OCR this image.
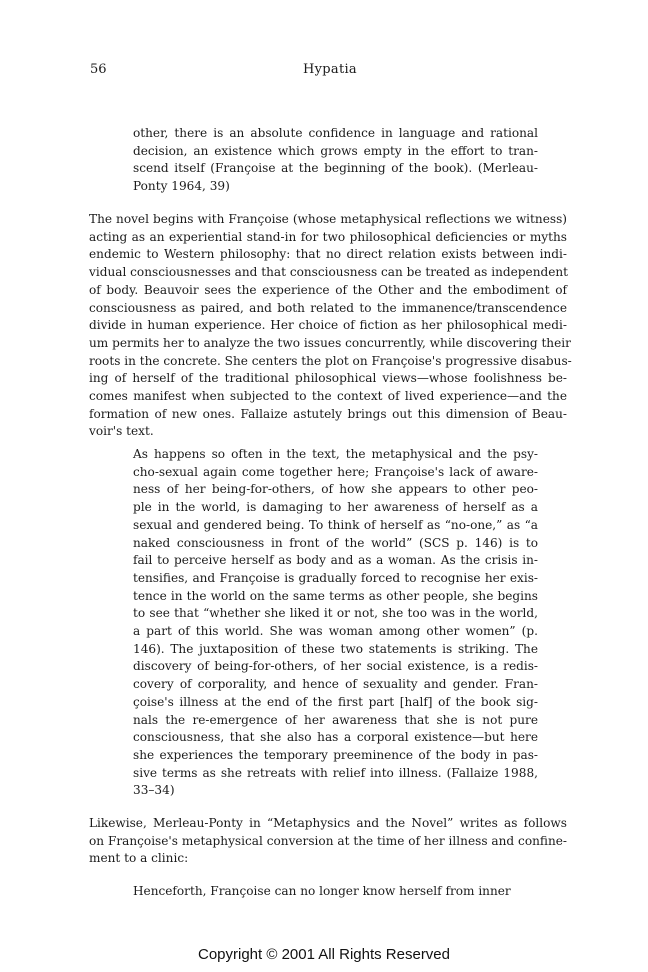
56	Hypatia
other, there is an absolute confidence in language and rational
decision, an existence which grows empty in the effort to tran-
scend itself (Françoise at the beginning of the book). (Merleau-
Ponty 1964, 39)
The novel begins with Françoise (whose metaphysical reflections we witness)
acting as an experiential stand-in for two philosophical deficiencies or myths
endemic to Western philosophy: that no direct relation exists between indi-
vidual consciousnesses and that consciousness can be treated as independent
of body. Beauvoir sees the experience of the Other and the embodiment of
consciousness as paired, and both related to the immanence/transcendence
divide in human experience. Her choice of fiction as her philosophical medi-
um permits her to analyze the two issues concurrently, while discovering their
roots in the concrete. She centers the plot on Françoise's progressive disabus-
ing of herself of the traditional philosophical views—whose foolishness be-
comes manifest when subjected to the context of lived experience—and the
formation of new ones. Fallaize astutely brings out this dimension of Beau-
voir's text.
As happens so often in the text, the metaphysical and the psy-
cho-sexual again come together here; Françoise's lack of aware-
ness of her being-for-others, of how she appears to other peo-
ple in the world, is damaging to her awareness of herself as a
sexual and gendered being. To think of herself as “no-one,” as “a
naked consciousness in front of the world” (SCS p. 146) is to
fail to perceive herself as body and as a woman. As the crisis in-
tensifies, and Françoise is gradually forced to recognise her exis-
tence in the world on the same terms as other people, she begins
to see that “whether she liked it or not, she too was in the world,
a part of this world. She was woman among other women” (p.
146). The juxtaposition of these two statements is striking. The
discovery of being-for-others, of her social existence, is a redis-
covery of corporality, and hence of sexuality and gender. Fran-
çoise's illness at the end of the first part [half] of the book sig-
nals the re-emergence of her awareness that she is not pure
consciousness, that she also has a corporal existence—but here
she experiences the temporary preeminence of the body in pas-
sive terms as she retreats with relief into illness. (Fallaize 1988,
33–34)
Likewise, Merleau-Ponty in “Metaphysics and the Novel” writes as follows
on Françoise's metaphysical conversion at the time of her illness and confine-
ment to a clinic:
Henceforth, Françoise can no longer know herself from inner
Copyright © 2001 All Rights Reserved
